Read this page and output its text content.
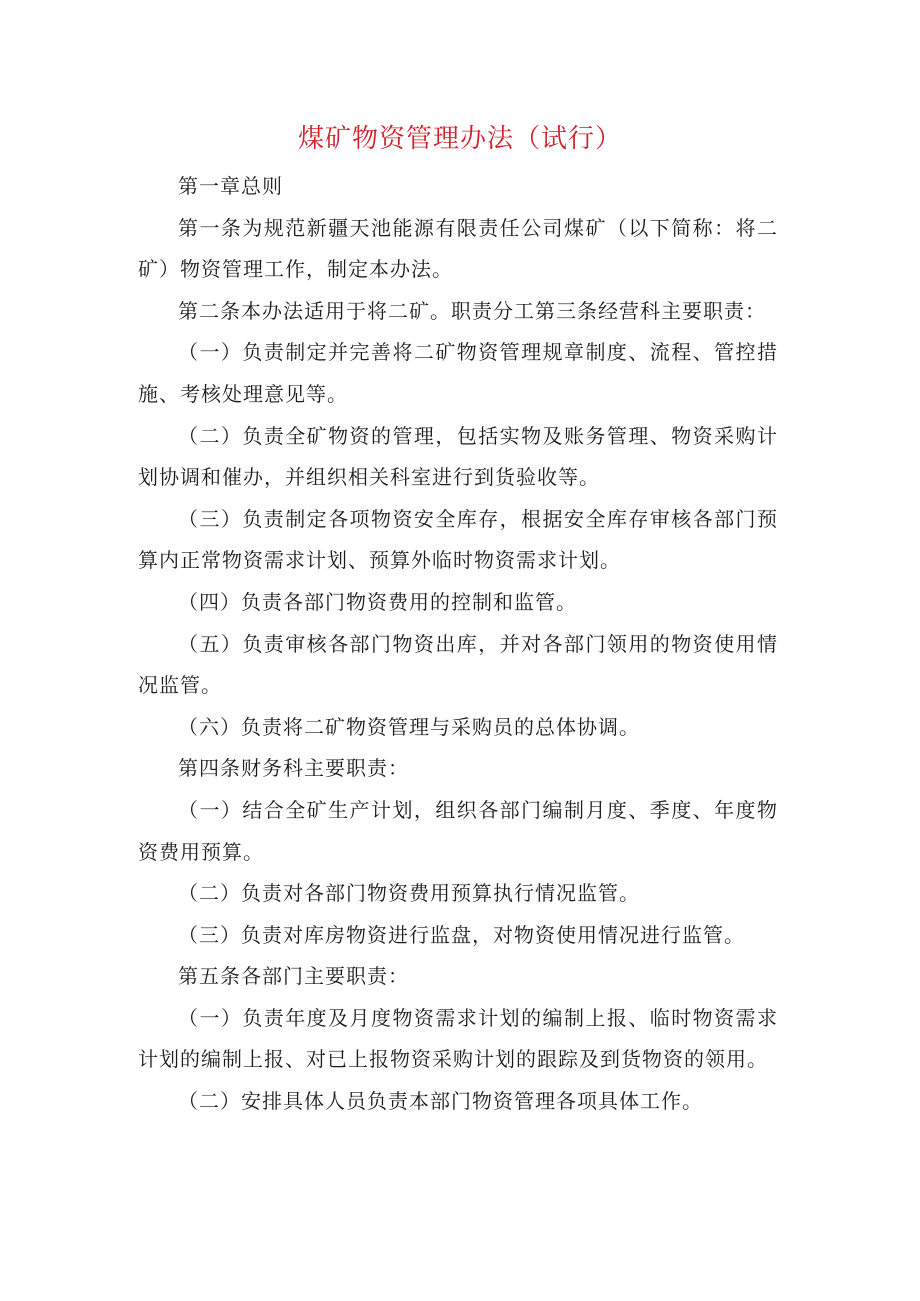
煤矿物资管理办法（试行）

第一章总则

第一条为规范新疆天池能源有限责任公司煤矿（以下简称：将二矿）物资管理工作，制定本办法。

第二条本办法适用于将二矿。职责分工第三条经营科主要职责：

（一）负责制定并完善将二矿物资管理规章制度、流程、管控措施、考核处理意见等。

（二）负责全矿物资的管理，包括实物及账务管理、物资采购计划协调和催办，并组织相关科室进行到货验收等。

（三）负责制定各项物资安全库存，根据安全库存审核各部门预算内正常物资需求计划、预算外临时物资需求计划。

（四）负责各部门物资费用的控制和监管。

（五）负责审核各部门物资出库，并对各部门领用的物资使用情况监管。

（六）负责将二矿物资管理与采购员的总体协调。

第四条财务科主要职责：

（一）结合全矿生产计划，组织各部门编制月度、季度、年度物资费用预算。

（二）负责对各部门物资费用预算执行情况监管。

（三）负责对库房物资进行监盘，对物资使用情况进行监管。

第五条各部门主要职责：

（一）负责年度及月度物资需求计划的编制上报、临时物资需求计划的编制上报、对已上报物资采购计划的跟踪及到货物资的领用。

（二）安排具体人员负责本部门物资管理各项具体工作。
